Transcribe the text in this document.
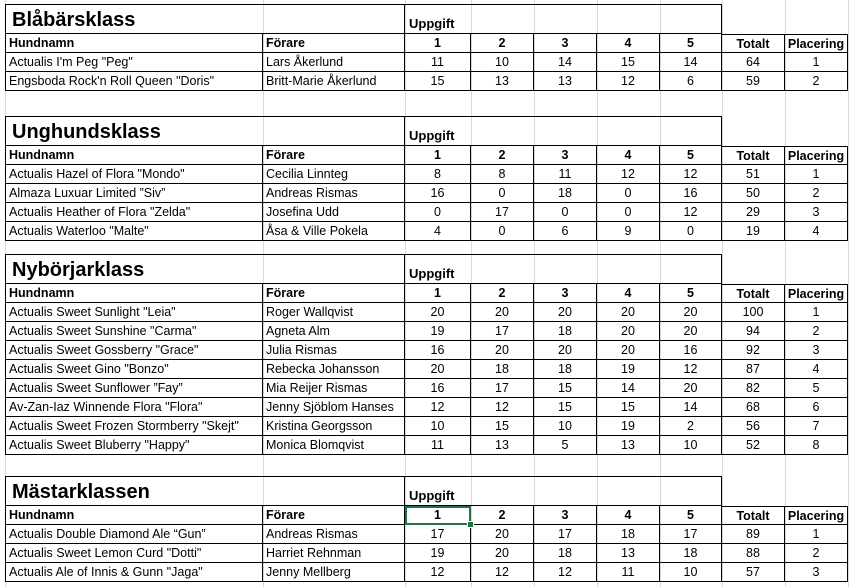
Blåbärsklass	Uppgift
Hundnamn	Förare	1	2	3	4	5	Totalt	Placering
Actualis I'm Peg "Peg"	Lars Åkerlund	11	10	14	15	14	64	1
Engsboda Rock'n Roll Queen "Doris"	Britt-Marie Åkerlund	15	13	13	12	6	59	2
Unghundsklass	Uppgift
Hundnamn	Förare	1	2	3	4	5	Totalt	Placering
Actualis Hazel of Flora "Mondo"	Cecilia Linnteg	8	8	11	12	12	51	1
Almaza Luxuar Limited ”Siv”	Andreas Rismas	16	0	18	0	16	50	2
Actualis Heather of Flora "Zelda"	Josefina Udd	0	17	0	0	12	29	3
Actualis Waterloo "Malte"	Åsa & Ville Pokela	4	0	6	9	0	19	4
Nybörjarklass	Uppgift
Hundnamn	Förare	1	2	3	4	5	Totalt	Placering
Actualis Sweet Sunlight "Leia"	Roger Wallqvist	20	20	20	20	20	100	1
Actualis Sweet Sunshine "Carma"	Agneta Alm	19	17	18	20	20	94	2
Actualis Sweet Gossberry "Grace"	Julia Rismas	16	20	20	20	16	92	3
Actualis Sweet Gino "Bonzo"	Rebecka Johansson	20	18	18	19	12	87	4
Actualis Sweet Sunflower ”Fay”	Mia Reijer Rismas	16	17	15	14	20	82	5
Av-Zan-Iaz Winnende Flora "Flora"	Jenny Sjöblom Hanses	12	12	15	15	14	68	6
Actualis Sweet Frozen Stormberry "Skejt"	Kristina Georgsson	10	15	10	19	2	56	7
Actualis Sweet Bluberry "Happy"	Monica Blomqvist	11	13	5	13	10	52	8
Mästarklassen	Uppgift
Hundnamn	Förare	1	2	3	4	5	Totalt	Placering
Actualis Double Diamond Ale “Gun”	Andreas Rismas	17	20	17	18	17	89	1
Actualis Sweet Lemon Curd "Dotti"	Harriet Rehnman	19	20	18	13	18	88	2
Actualis Ale of Innis & Gunn "Jaga"	Jenny Mellberg	12	12	12	11	10	57	3
